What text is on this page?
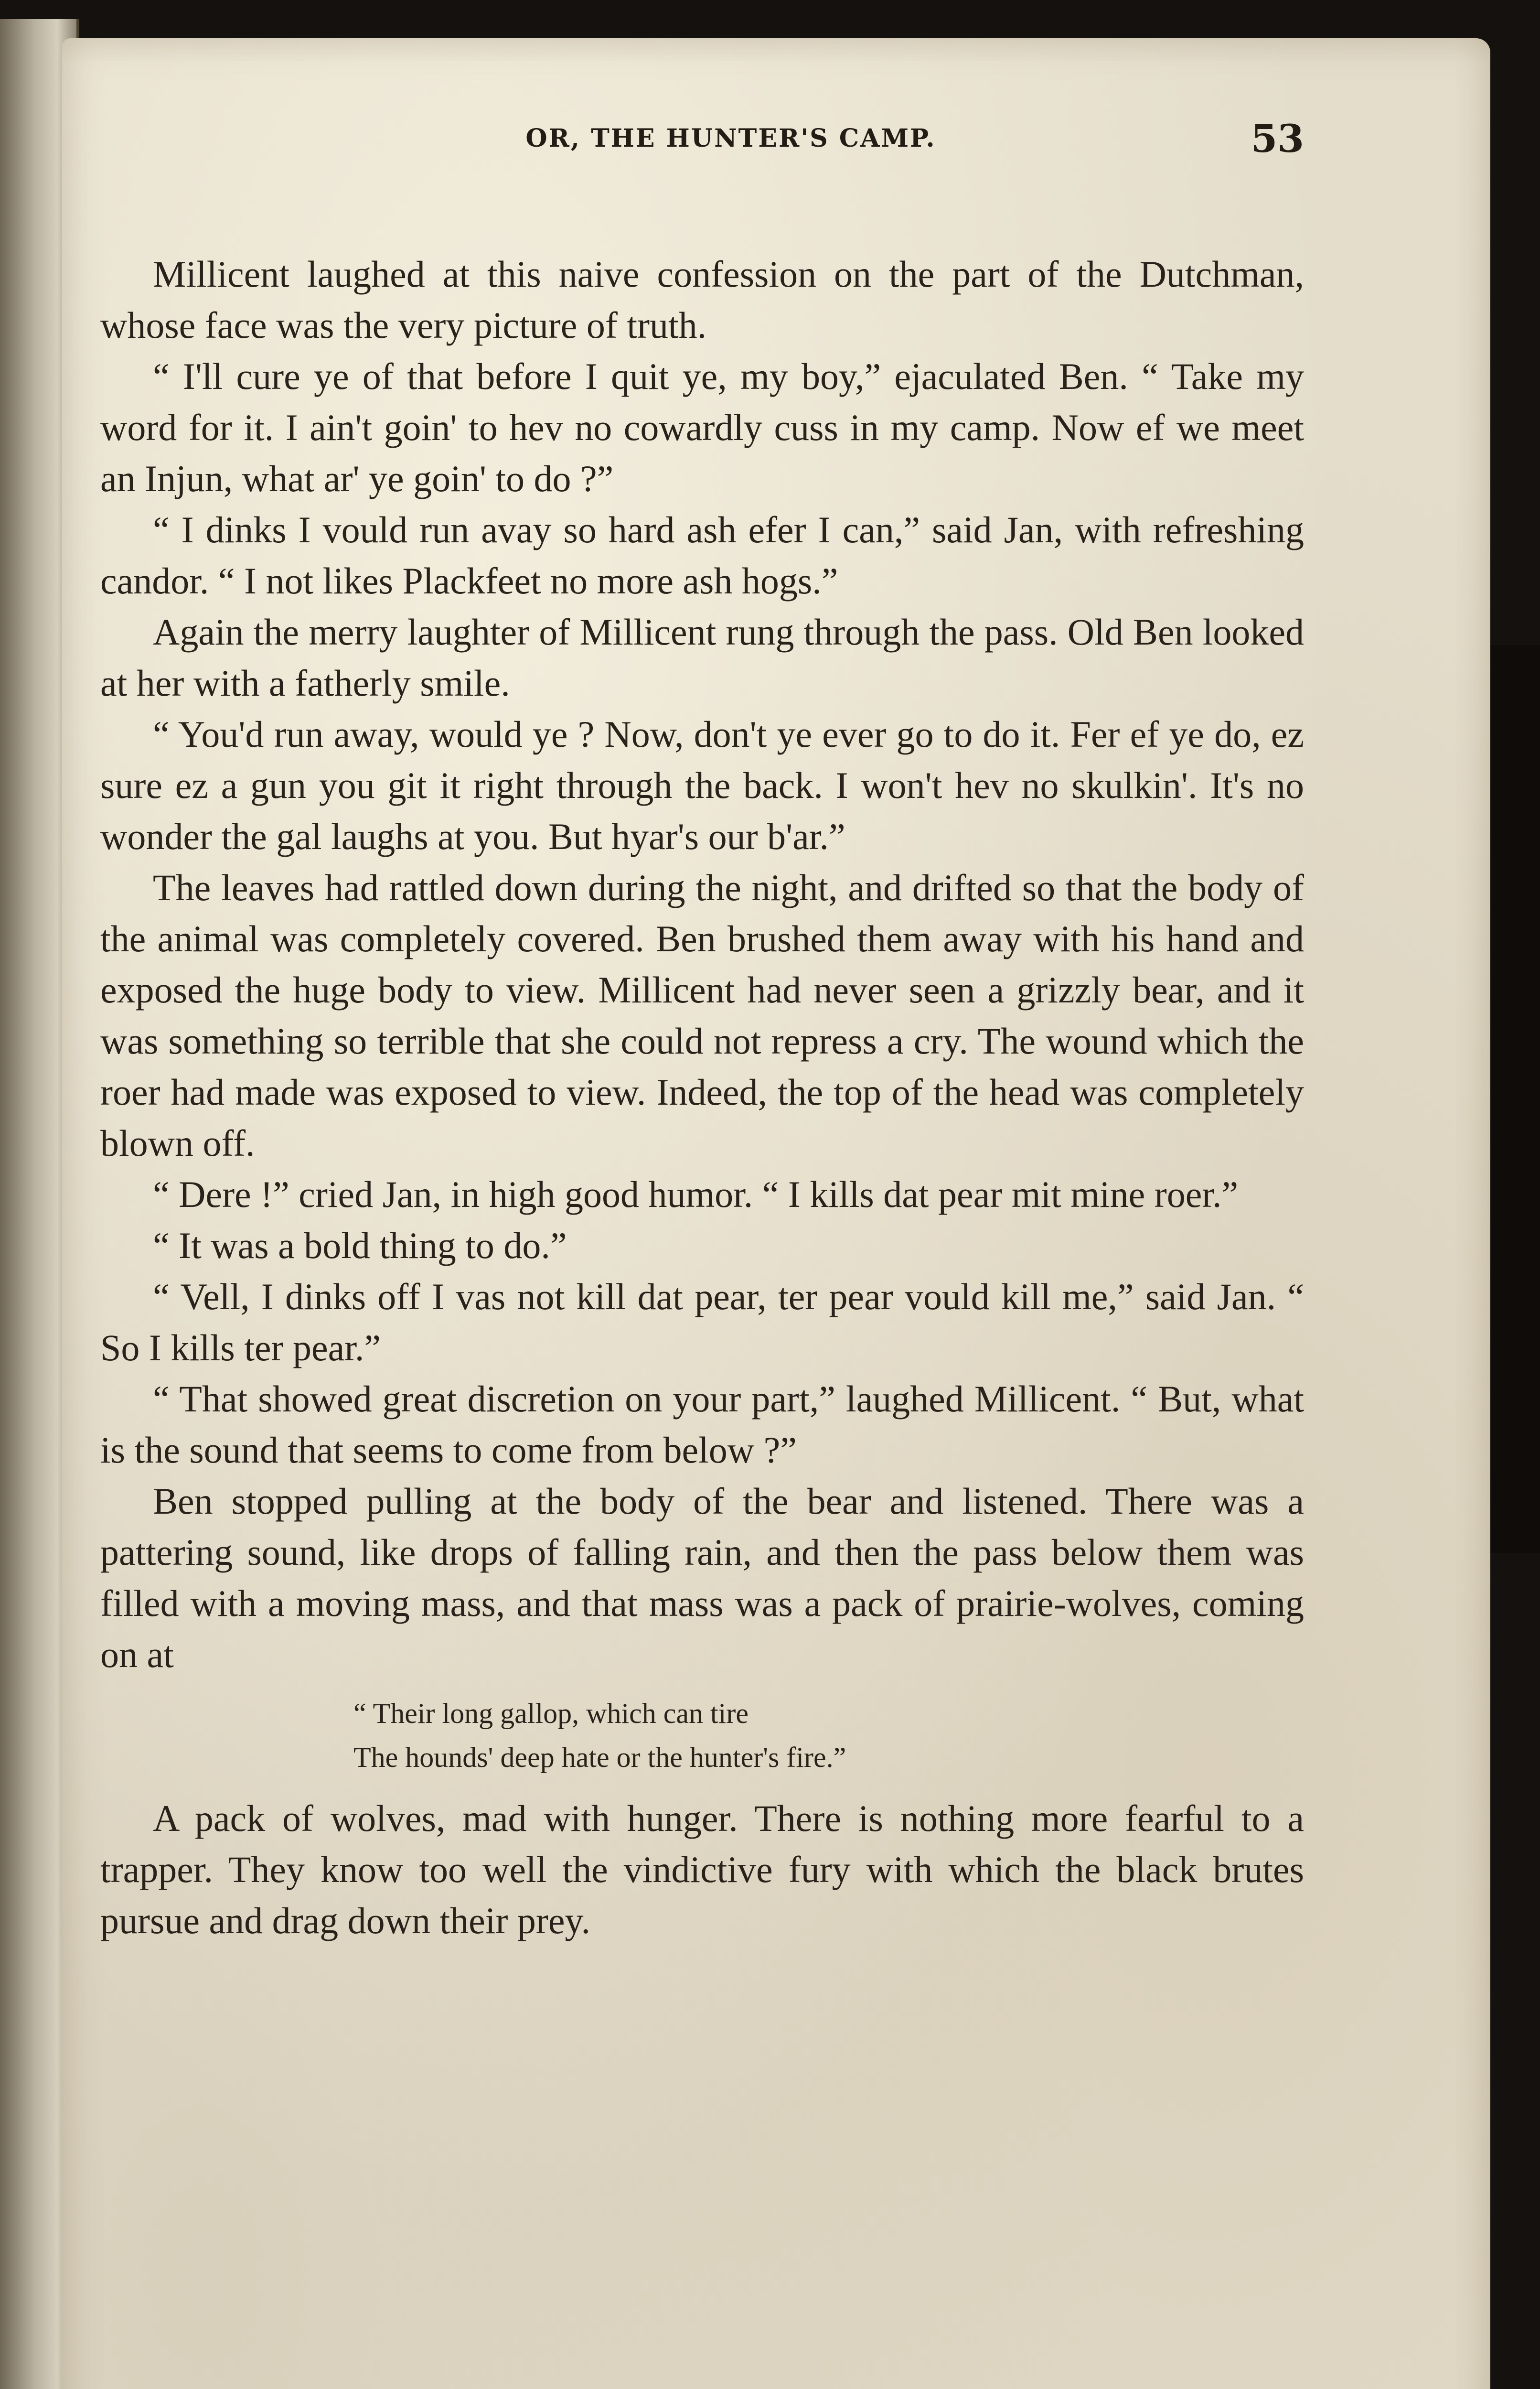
OR, THE HUNTER'S CAMP.	53

Millicent laughed at this naive confession on the part of the Dutchman, whose face was the very picture of truth.

“ I'll cure ye of that before I quit ye, my boy,” ejaculated Ben. “ Take my word for it. I ain't goin' to hev no cowardly cuss in my camp. Now ef we meet an Injun, what ar' ye goin' to do ?”

“ I dinks I vould run avay so hard ash efer I can,” said Jan, with refreshing candor. “ I not likes Plackfeet no more ash hogs.”

Again the merry laughter of Millicent rung through the pass. Old Ben looked at her with a fatherly smile.

“ You'd run away, would ye ? Now, don't ye ever go to do it. Fer ef ye do, ez sure ez a gun you git it right through the back. I won't hev no skulkin'. It's no wonder the gal laughs at you. But hyar's our b'ar.”

The leaves had rattled down during the night, and drifted so that the body of the animal was completely covered. Ben brushed them away with his hand and exposed the huge body to view. Millicent had never seen a grizzly bear, and it was something so terrible that she could not repress a cry. The wound which the roer had made was exposed to view. Indeed, the top of the head was completely blown off.

“ Dere !” cried Jan, in high good humor. “ I kills dat pear mit mine roer.”

“ It was a bold thing to do.”

“ Vell, I dinks off I vas not kill dat pear, ter pear vould kill me,” said Jan. “ So I kills ter pear.”

“ That showed great discretion on your part,” laughed Millicent. “ But, what is the sound that seems to come from below ?”

Ben stopped pulling at the body of the bear and listened. There was a pattering sound, like drops of falling rain, and then the pass below them was filled with a moving mass, and that mass was a pack of prairie-wolves, coming on at

“ Their long gallop, which can tire
The hounds' deep hate or the hunter's fire.”

A pack of wolves, mad with hunger. There is nothing more fearful to a trapper. They know too well the vindictive fury with which the black brutes pursue and drag down their prey.
